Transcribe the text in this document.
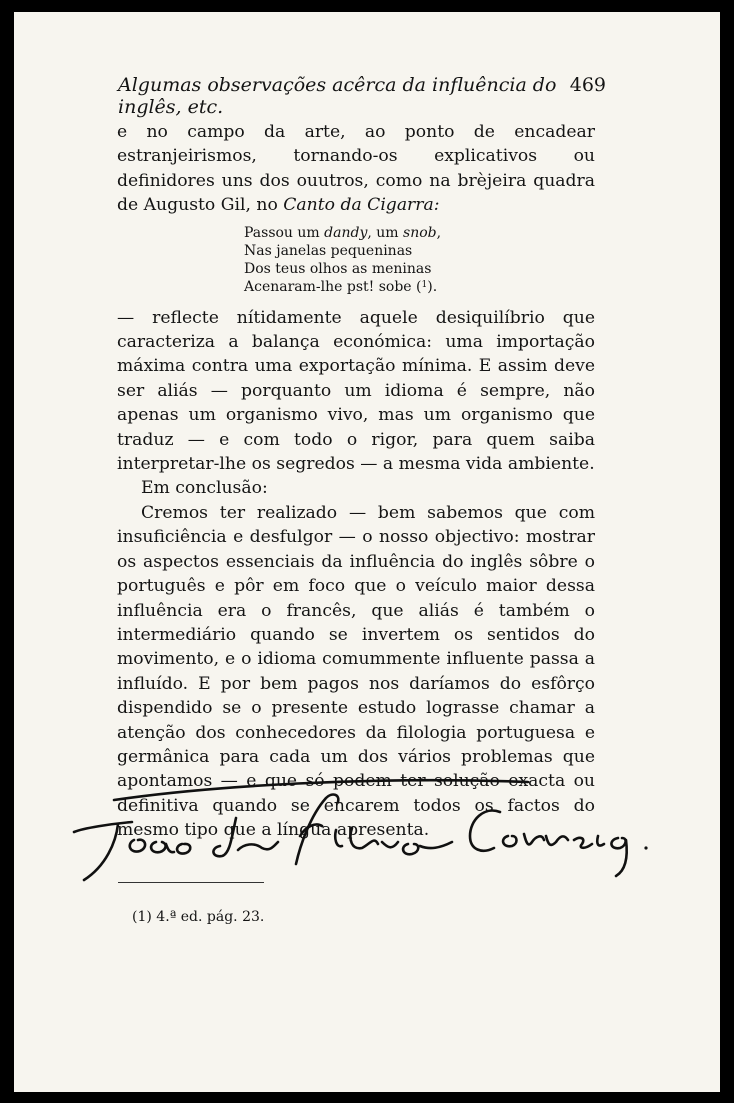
Algumas observações acêrca da influência do inglês, etc.
469

e no campo da arte, ao ponto de encadear estranjeirismos, tornando-os explicativos ou definidores uns dos ouutros, como na brèjeira quadra de Augusto Gil, no Canto da Cigarra:

Passou um dandy, um snob,
Nas janelas pequeninas
Dos teus olhos as meninas
Acenaram-lhe pst! sobe ($^1$).

— reflecte nítidamente aquele desiquilíbrio que caracteriza a balança económica: uma importação máxima contra uma exportação mínima. E assim deve ser aliás — porquanto um idioma é sempre, não apenas um organismo vivo, mas um organismo que traduz — e com todo o rigor, para quem saiba interpretar-lhe os segredos — a mesma vida ambiente.

Em conclusão:

Cremos ter realizado — bem sabemos que com insuficiência e desfulgor — o nosso objectivo: mostrar os aspectos essenciais da influência do inglês sôbre o português e pôr em foco que o veículo maior dessa influência era o francês, que aliás é também o intermediário quando se invertem os sentidos do movimento, e o idioma comummente influente passa a influído. E por bem pagos nos daríamos do esfôrço dispendido se o presente estudo lograsse chamar a atenção dos conhecedores da filologia portuguesa e germânica para cada um dos vários problemas que apontamos — e que só podem ter solução exacta ou definitiva quando se encarem todos os factos do mesmo tipo que a língua apresenta.

(1) 4.ª ed. pág. 23.
